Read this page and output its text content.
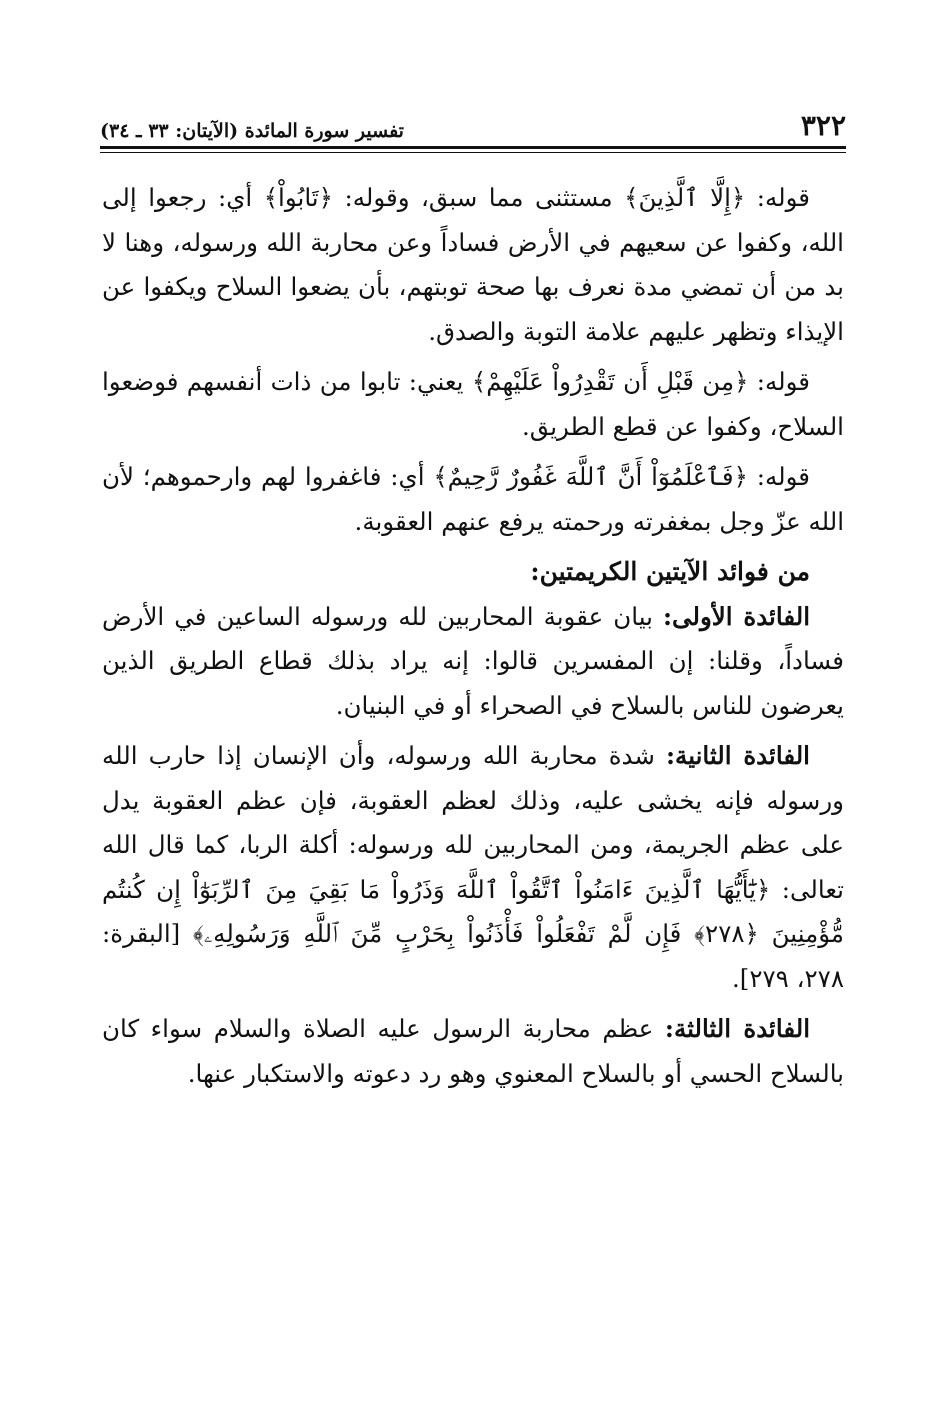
٣٢٢
تفسير سورة المائدة (الآيتان: ٣٣ ـ ٣٤)

قوله: ﴿إِلَّا ٱلَّذِينَ﴾ مستثنى مما سبق، وقوله: ﴿تَابُواْ﴾ أي: رجعوا إلى الله، وكفوا عن سعيهم في الأرض فساداً وعن محاربة الله ورسوله، وهنا لا بد من أن تمضي مدة نعرف بها صحة توبتهم، بأن يضعوا السلاح ويكفوا عن الإيذاء وتظهر عليهم علامة التوبة والصدق.

قوله: ﴿مِن قَبْلِ أَن تَقْدِرُواْ عَلَيْهِمْ﴾ يعني: تابوا من ذات أنفسهم فوضعوا السلاح، وكفوا عن قطع الطريق.

قوله: ﴿فَٱعْلَمُوٓاْ أَنَّ ٱللَّهَ غَفُورٌ رَّحِيمٌ﴾ أي: فاغفروا لهم وارحموهم؛ لأن الله عزّ وجل بمغفرته ورحمته يرفع عنهم العقوبة.

من فوائد الآيتين الكريمتين:

الفائدة الأولى: بيان عقوبة المحاربين لله ورسوله الساعين في الأرض فساداً، وقلنا: إن المفسرين قالوا: إنه يراد بذلك قطاع الطريق الذين يعرضون للناس بالسلاح في الصحراء أو في البنيان.

الفائدة الثانية: شدة محاربة الله ورسوله، وأن الإنسان إذا حارب الله ورسوله فإنه يخشى عليه، وذلك لعظم العقوبة، فإن عظم العقوبة يدل على عظم الجريمة، ومن المحاربين لله ورسوله: أكلة الربا، كما قال الله تعالى: ﴿يَٰٓأَيُّهَا ٱلَّذِينَ ءَامَنُواْ ٱتَّقُواْ ٱللَّهَ وَذَرُواْ مَا بَقِيَ مِنَ ٱلرِّبَوٰٓاْ إِن كُنتُم مُّؤْمِنِينَ ﴿٢٧٨﴾ فَإِن لَّمْ تَفْعَلُواْ فَأْذَنُواْ بِحَرْبٍ مِّنَ ٱللَّهِ وَرَسُولِهِۦ﴾ [البقرة: ٢٧٨، ٢٧٩].

الفائدة الثالثة: عظم محاربة الرسول عليه الصلاة والسلام سواء كان بالسلاح الحسي أو بالسلاح المعنوي وهو رد دعوته والاستكبار عنها.
